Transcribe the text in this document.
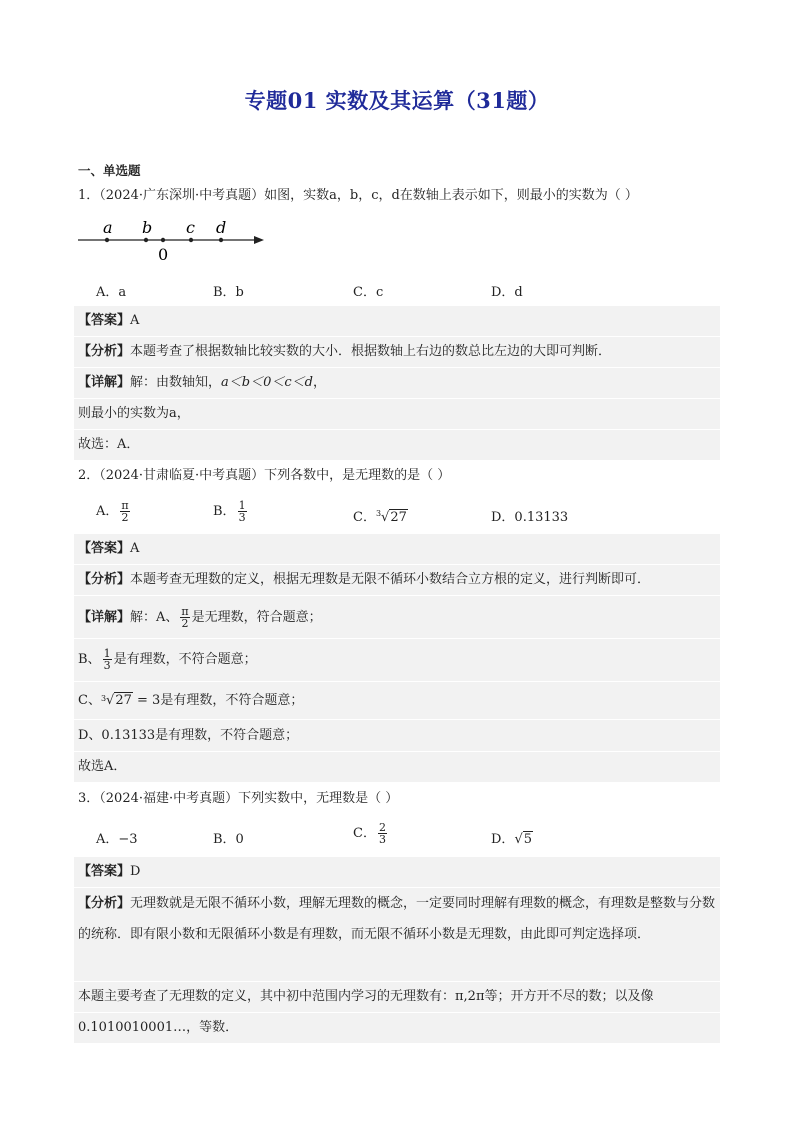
专题01 实数及其运算（31题）
一、单选题
1．（2024·广东深圳·中考真题）如图，实数a，b，c，d在数轴上表示如下，则最小的实数为（ ）
a b c d
0
A．a	B．b	C．c	D．d
【答案】A
【分析】本题考查了根据数轴比较实数的大小．根据数轴上右边的数总比左边的大即可判断．
【详解】解：由数轴知，a＜b＜0＜c＜d，
则最小的实数为a，
故选：A．
2．（2024·甘肃临夏·中考真题）下列各数中，是无理数的是（ ）
A． $\frac{\pi}{2}$	B． $\frac{1}{3}$	C．$^3$√27	D．0.13133
【答案】A
【分析】本题考查无理数的定义，根据无理数是无限不循环小数结合立方根的定义，进行判断即可．
【详解】解：A、 $\frac{\pi}{2}$ 是无理数，符合题意；
B、 $\frac{1}{3}$ 是有理数，不符合题意；
C、$^3$√27 = 3是有理数，不符合题意；
D、0.13133是有理数，不符合题意；
故选A．
3．（2024·福建·中考真题）下列实数中，无理数是（ ）
A．−3	B．0	C． $\frac{2}{3}$	D．√5
【答案】D
【分析】无理数就是无限不循环小数，理解无理数的概念，一定要同时理解有理数的概念，有理数是整数与分数的统称．即有限小数和无限循环小数是有理数，而无限不循环小数是无理数，由此即可判定选择项．
本题主要考查了无理数的定义，其中初中范围内学习的无理数有：π,2π等；开方开不尽的数；以及像
0.1010010001…，等数．
